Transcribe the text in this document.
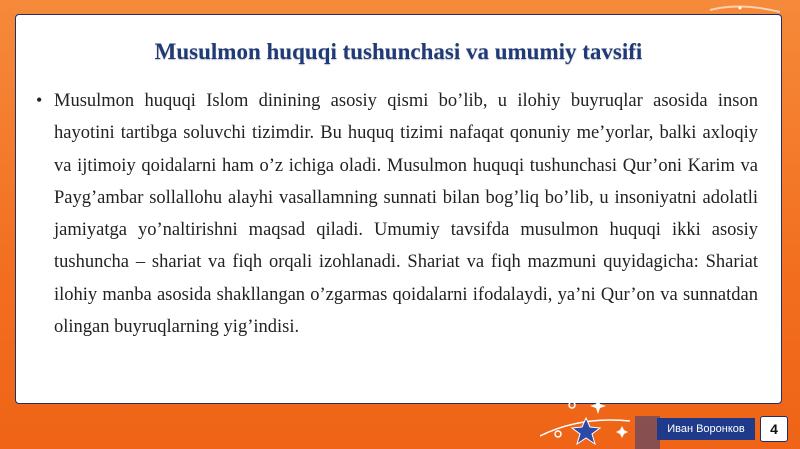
Musulmon huquqi tushunchasi va umumiy tavsifi
• Musulmon huquqi Islom dinining asosiy qismi bo’lib, u ilohiy buyruqlar asosida inson hayotini tartibga soluvchi tizimdir. Bu huquq tizimi nafaqat qonuniy me’yorlar, balki axloqiy va ijtimoiy qoidalarni ham o’z ichiga oladi. Musulmon huquqi tushunchasi Qur’oni Karim va Payg’ambar sollallohu alayhi vasallamning sunnati bilan bog’liq bo’lib, u insoniyatni adolatli jamiyatga yo’naltirishni maqsad qiladi. Umumiy tavsifda musulmon huquqi ikki asosiy tushuncha – shariat va fiqh orqali izohlanadi. Shariat va fiqh mazmuni quyidagicha: Shariat ilohiy manba asosida shakllangan o’zgarmas qoidalarni ifodalaydi, ya’ni Qur’on va sunnatdan olingan buyruqlarning yig’indisi.

Иван Воронков	4
